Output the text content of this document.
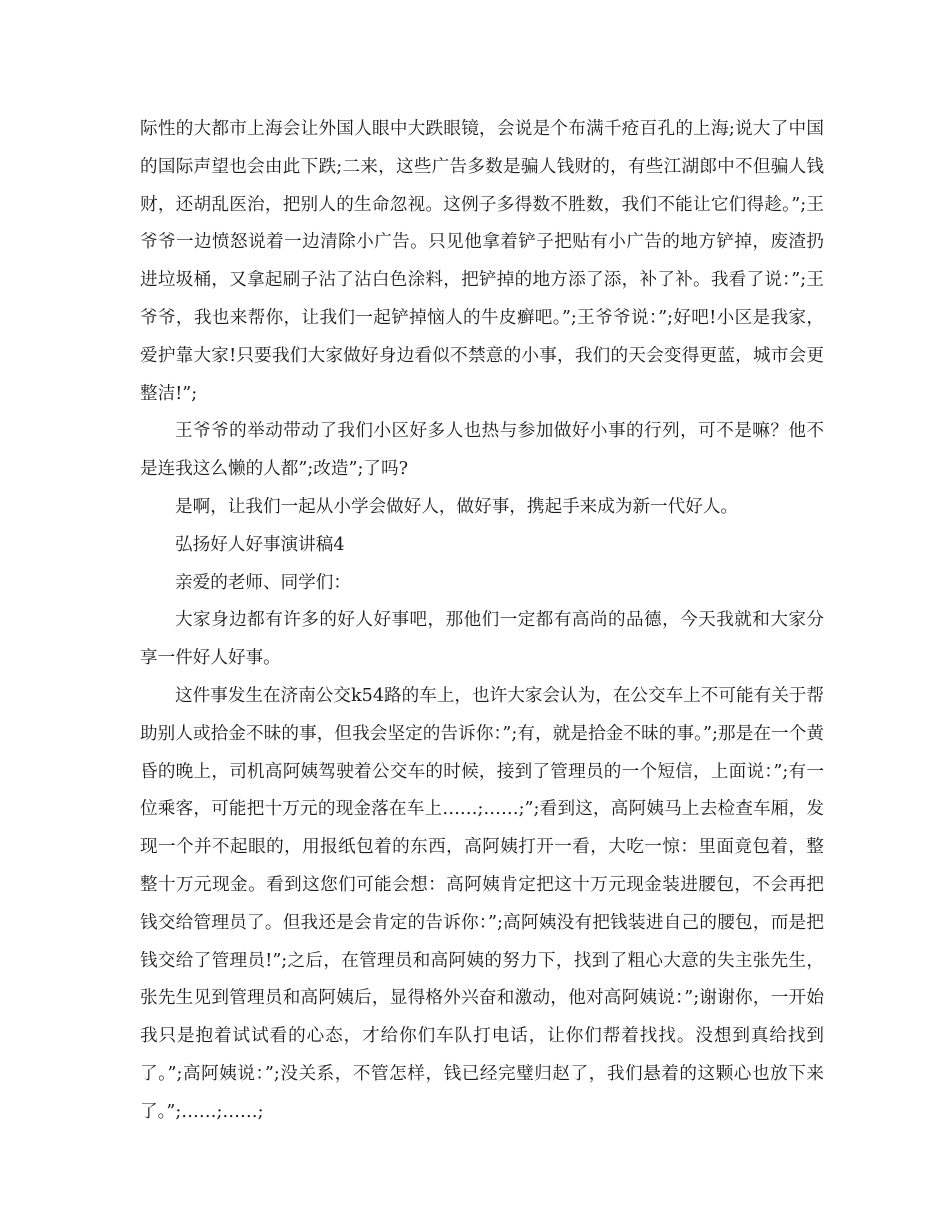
际性的大都市上海会让外国人眼中大跌眼镜，会说是个布满千疮百孔的上海;说大了中国的国际声望也会由此下跌;二来，这些广告多数是骗人钱财的，有些江湖郎中不但骗人钱财，还胡乱医治，把别人的生命忽视。这例子多得数不胜数，我们不能让它们得趁。”;王爷爷一边愤怒说着一边清除小广告。只见他拿着铲子把贴有小广告的地方铲掉，废渣扔进垃圾桶，又拿起刷子沾了沾白色涂料，把铲掉的地方添了添，补了补。我看了说：”;王爷爷，我也来帮你，让我们一起铲掉恼人的牛皮癣吧。”;王爷爷说：”;好吧!小区是我家，爱护靠大家!只要我们大家做好身边看似不禁意的小事，我们的天会变得更蓝，城市会更整洁!”;

王爷爷的举动带动了我们小区好多人也热与参加做好小事的行列，可不是嘛？他不是连我这么懒的人都”;改造”;了吗?

是啊，让我们一起从小学会做好人，做好事，携起手来成为新一代好人。

弘扬好人好事演讲稿4

亲爱的老师、同学们：

大家身边都有许多的好人好事吧，那他们一定都有高尚的品德，今天我就和大家分享一件好人好事。

这件事发生在济南公交k54路的车上，也许大家会认为，在公交车上不可能有关于帮助别人或拾金不昧的事，但我会坚定的告诉你：”;有，就是拾金不昧的事。”;那是在一个黄昏的晚上，司机高阿姨驾驶着公交车的时候，接到了管理员的一个短信，上面说：”;有一位乘客，可能把十万元的现金落在车上……;……;”;看到这，高阿姨马上去检查车厢，发现一个并不起眼的，用报纸包着的东西，高阿姨打开一看，大吃一惊：里面竟包着，整整十万元现金。看到这您们可能会想：高阿姨肯定把这十万元现金装进腰包，不会再把钱交给管理员了。但我还是会肯定的告诉你：”;高阿姨没有把钱装进自己的腰包，而是把钱交给了管理员!”;之后，在管理员和高阿姨的努力下，找到了粗心大意的失主张先生，张先生见到管理员和高阿姨后，显得格外兴奋和激动，他对高阿姨说：”;谢谢你，一开始我只是抱着试试看的心态，才给你们车队打电话，让你们帮着找找。没想到真给找到了。”;高阿姨说：”;没关系，不管怎样，钱已经完璧归赵了，我们悬着的这颗心也放下来了。”;……;……;
